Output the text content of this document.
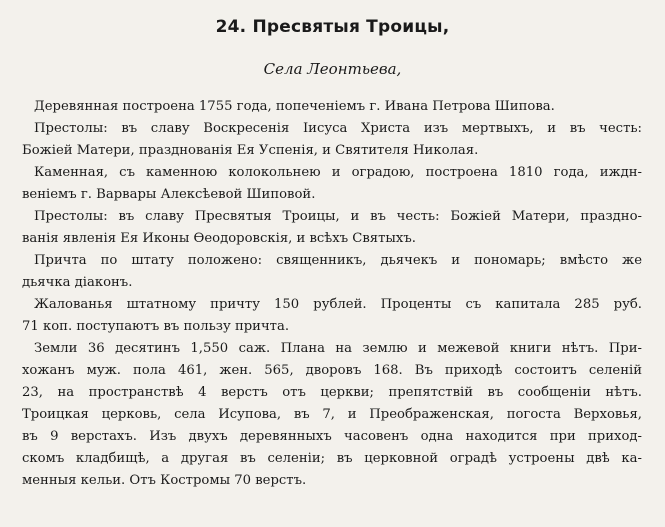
24. Пресвятыя Троицы,
Села Леонтьева,
Деревянная построена 1755 года, попеченіемъ г. Ивана Петрова Шипова.
Престолы: въ славу Воскресенія Іисуса Христа изъ мертвыхъ, и въ честь:
Божіей Матери, празднованія Ея Успенія, и Святителя Николая.
Каменная, съ каменною колокольнею и оградою, построена 1810 года, иждн-
веніемъ г. Варвары Алексѣевой Шиповой.
Престолы: въ славу Пресвятыя Троицы, и въ честь: Божіей Матери, праздно-
ванія явленія Ея Иконы Ѳеодоровскія, и всѣхъ Святыхъ.
Причта по штату положено: священникъ, дьячекъ и пономарь; вмѣсто же
дьячка діаконъ.
Жалованья штатному причту 150 рублей. Проценты съ капитала 285 руб.
71 коп. поступаютъ въ пользу причта.
Земли 36 десятинъ 1,550 саж. Плана на землю и межевой книги нѣтъ. При-
хожанъ муж. пола 461, жен. 565, дворовъ 168. Въ приходѣ состоитъ селеній
23, на пространствѣ 4 верстъ отъ церкви; препятствій въ сообщеніи нѣтъ.
Троицкая церковь, села Исупова, въ 7, и Преображенская, погоста Верховья,
въ 9 верстахъ. Изъ двухъ деревянныхъ часовенъ одна находится при приход-
скомъ кладбищѣ, а другая въ селеніи; въ церковной оградѣ устроены двѣ ка-
менныя кельи. Отъ Костромы 70 верстъ.
